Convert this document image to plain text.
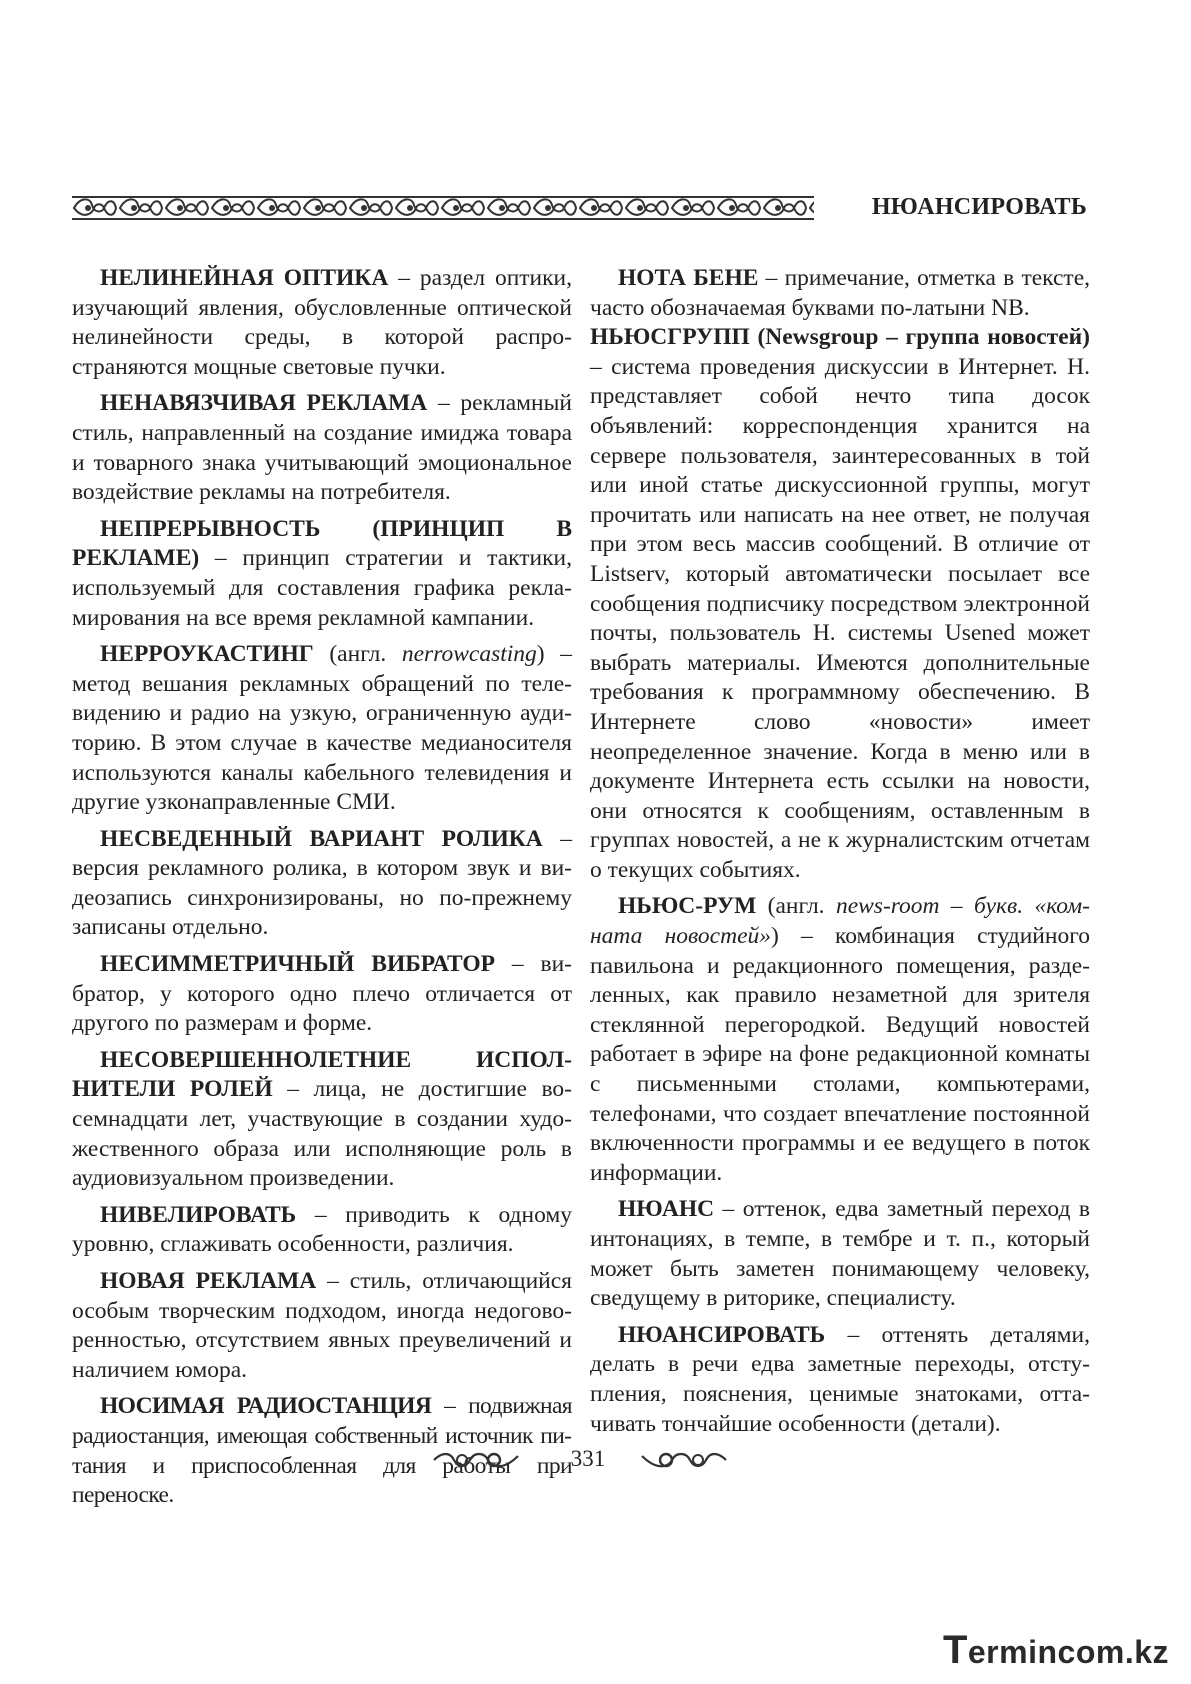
НЮАНСИРОВАТЬ

НЕЛИНЕЙНАЯ ОПТИКА – раздел оптики, изучающий явления, обусловленные оптической нелинейности среды, в которой распространяются мощные световые пучки.

НЕНАВЯЗЧИВАЯ РЕКЛАМА – рекламный стиль, направленный на создание имиджа товара и товарного знака учитывающий эмоциональное воздействие рекламы на потребителя.

НЕПРЕРЫВНОСТЬ (ПРИНЦИП В РЕКЛАМЕ) – принцип стратегии и тактики, используемый для составления графика рекламирования на все время рекламной кампании.

НЕРРОУКАСТИНГ (англ. nerrowcasting) – метод вешания рекламных обращений по телевидению и радио на узкую, ограниченную аудиторию. В этом случае в качестве медианосителя используются каналы кабельного телевидения и другие узконаправленные СМИ.

НЕСВЕДЕННЫЙ ВАРИАНТ РОЛИКА – версия рекламного ролика, в котором звук и видеозапись синхронизированы, но по-прежнему записаны отдельно.

НЕСИММЕТРИЧНЫЙ ВИБРАТОР – вибратор, у которого одно плечо отличается от другого по размерам и форме.

НЕСОВЕРШЕННОЛЕТНИЕ ИСПОЛНИТЕЛИ РОЛЕЙ – лица, не достигшие восемнадцати лет, участвующие в создании художественного образа или исполняющие роль в аудиовизуальном произведении.

НИВЕЛИРОВАТЬ – приводить к одному уровню, сглаживать особенности, различия.

НОВАЯ РЕКЛАМА – стиль, отличающийся особым творческим подходом, иногда недоговоренностью, отсутствием явных преувеличений и наличием юмора.

НОСИМАЯ РАДИОСТАНЦИЯ – подвижная радиостанция, имеющая собственный источник питания и приспособленная для работы при переноске.

НОТА БЕНЕ – примечание, отметка в тексте, часто обозначаемая буквами по-латыни NB.

НЬЮСГРУПП (Newsgroup – группа новостей) – система проведения дискуссии в Интернет. Н. представляет собой нечто типа досок объявлений: корреспонденция хранится на сервере пользователя, заинтересованных в той или иной статье дискуссионной группы, могут прочитать или написать на нее ответ, не получая при этом весь массив сообщений. В отличие от Listserv, который автоматически посылает все сообщения подписчику посредством электронной почты, пользователь Н. системы Usened может выбрать материалы. Имеются дополнительные требования к программному обеспечению. В Интернете слово «новости» имеет неопределенное значение. Когда в меню или в документе Интернета есть ссылки на новости, они относятся к сообщениям, оставленным в группах новостей, а не к журналистским отчетам о текущих событиях.

НЬЮС-РУМ (англ. news-room – букв. «комната новостей») – комбинация студийного павильона и редакционного помещения, разделенных, как правило незаметной для зрителя стеклянной перегородкой. Ведущий новостей работает в эфире на фоне редакционной комнаты с письменными столами, компьютерами, телефонами, что создает впечатление постоянной включенности программы и ее ведущего в поток информации.

НЮАНС – оттенок, едва заметный переход в интонациях, в темпе, в тембре и т. п., который может быть заметен понимающему человеку, сведущему в риторике, специалисту.

НЮАНСИРОВАТЬ – оттенять деталями, делать в речи едва заметные переходы, отступления, пояснения, ценимые знатоками, оттачивать тончайшие особенности (детали).

331
Termincom.kz
